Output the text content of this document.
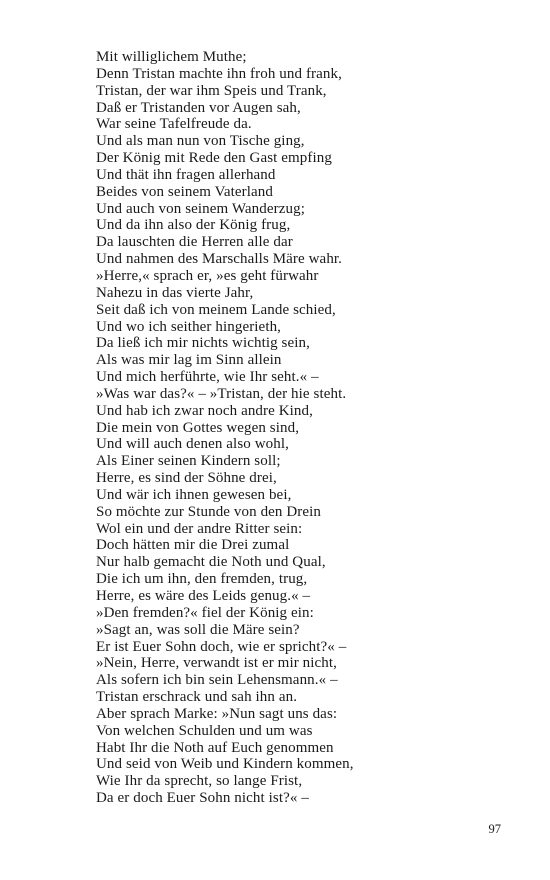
Mit williglichem Muthe;
Denn Tristan machte ihn froh und frank,
Tristan, der war ihm Speis und Trank,
Daß er Tristanden vor Augen sah,
War seine Tafelfreude da.
Und als man nun von Tische ging,
Der König mit Rede den Gast empfing
Und thät ihn fragen allerhand
Beides von seinem Vaterland
Und auch von seinem Wanderzug;
Und da ihn also der König frug,
Da lauschten die Herren alle dar
Und nahmen des Marschalls Märe wahr.
»Herre,« sprach er, »es geht fürwahr
Nahezu in das vierte Jahr,
Seit daß ich von meinem Lande schied,
Und wo ich seither hingerieth,
Da ließ ich mir nichts wichtig sein,
Als was mir lag im Sinn allein
Und mich herführte, wie Ihr seht.« –
»Was war das?« – »Tristan, der hie steht.
Und hab ich zwar noch andre Kind,
Die mein von Gottes wegen sind,
Und will auch denen also wohl,
Als Einer seinen Kindern soll;
Herre, es sind der Söhne drei,
Und wär ich ihnen gewesen bei,
So möchte zur Stunde von den Drein
Wol ein und der andre Ritter sein:
Doch hätten mir die Drei zumal
Nur halb gemacht die Noth und Qual,
Die ich um ihn, den fremden, trug,
Herre, es wäre des Leids genug.« –
»Den fremden?« fiel der König ein:
»Sagt an, was soll die Märe sein?
Er ist Euer Sohn doch, wie er spricht?« –
»Nein, Herre, verwandt ist er mir nicht,
Als sofern ich bin sein Lehensmann.« –
Tristan erschrack und sah ihn an.
Aber sprach Marke: »Nun sagt uns das:
Von welchen Schulden und um was
Habt Ihr die Noth auf Euch genommen
Und seid von Weib und Kindern kommen,
Wie Ihr da sprecht, so lange Frist,
Da er doch Euer Sohn nicht ist?« –
97
